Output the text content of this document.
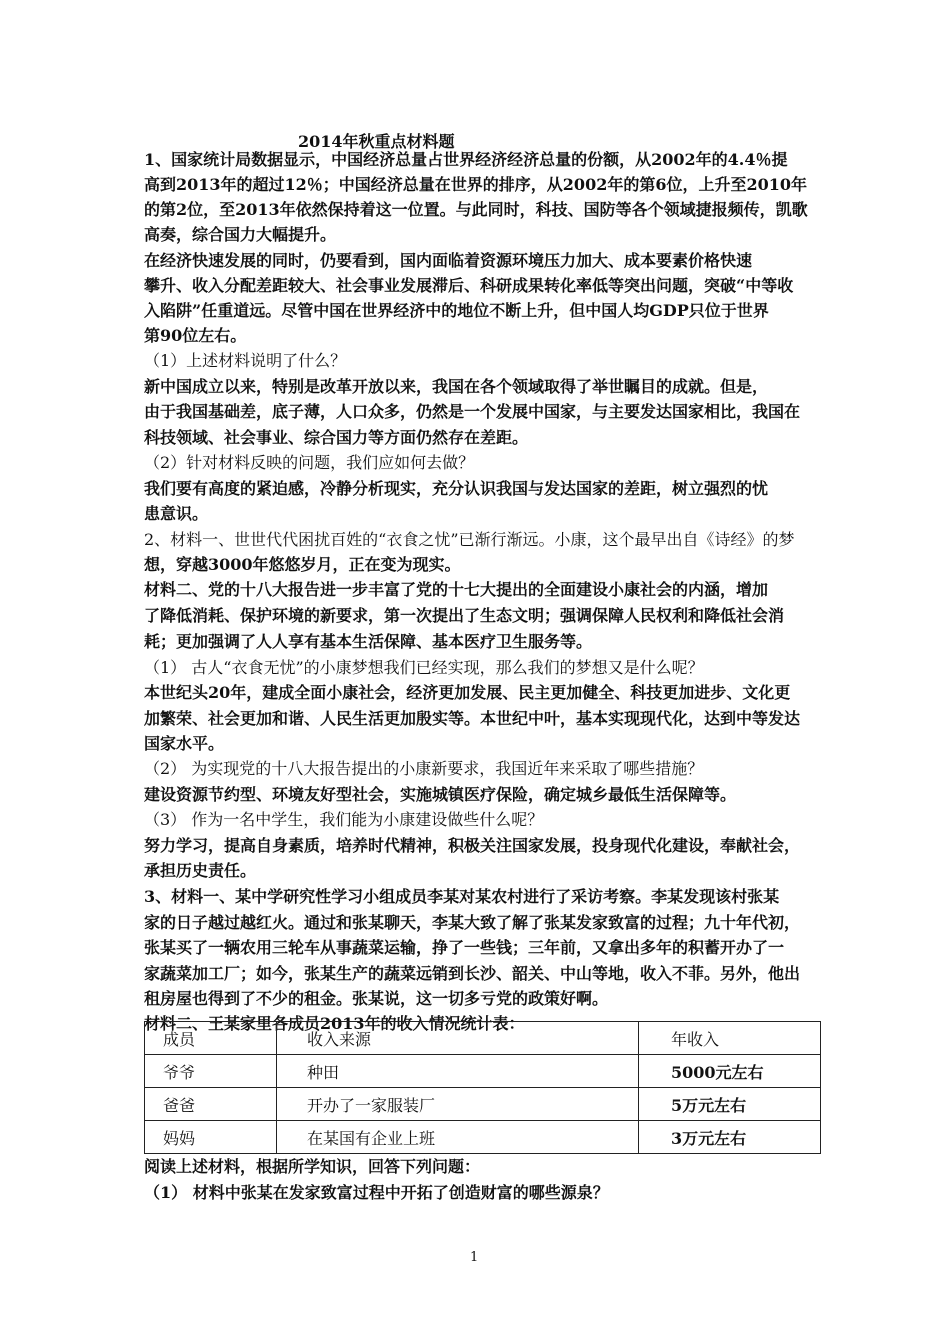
2014年秋重点材料题
1、国家统计局数据显示，中国经济总量占世界经济经济总量的份额，从2002年的4.4％提
高到2013年的超过12％；中国经济总量在世界的排序，从2002年的第6位，上升至2010年
的第2位，至2013年依然保持着这一位置。与此同时，科技、国防等各个领域捷报频传，凯歌
高奏，综合国力大幅提升。
在经济快速发展的同时，仍要看到，国内面临着资源环境压力加大、成本要素价格快速
攀升、收入分配差距较大、社会事业发展滞后、科研成果转化率低等突出问题，突破“中等收
入陷阱”任重道远。尽管中国在世界经济中的地位不断上升，但中国人均GDP只位于世界
第90位左右。
（1）上述材料说明了什么？
新中国成立以来，特别是改革开放以来，我国在各个领域取得了举世瞩目的成就。但是，
由于我国基础差，底子薄，人口众多，仍然是一个发展中国家，与主要发达国家相比，我国在
科技领域、社会事业、综合国力等方面仍然存在差距。
（2）针对材料反映的问题，我们应如何去做？
我们要有高度的紧迫感，冷静分析现实，充分认识我国与发达国家的差距，树立强烈的忧
患意识。
2、材料一、世世代代困扰百姓的“衣食之忧”已渐行渐远。小康，这个最早出自《诗经》的梦
想，穿越3000年悠悠岁月，正在变为现实。
材料二、党的十八大报告进一步丰富了党的十七大提出的全面建设小康社会的内涵，增加
了降低消耗、保护环境的新要求，第一次提出了生态文明；强调保障人民权利和降低社会消
耗；更加强调了人人享有基本生活保障、基本医疗卫生服务等。
（1） 古人“衣食无忧”的小康梦想我们已经实现，那么我们的梦想又是什么呢？
本世纪头20年，建成全面小康社会，经济更加发展、民主更加健全、科技更加进步、文化更
加繁荣、社会更加和谐、人民生活更加殷实等。本世纪中叶，基本实现现代化，达到中等发达
国家水平。
（2） 为实现党的十八大报告提出的小康新要求，我国近年来采取了哪些措施？
建设资源节约型、环境友好型社会，实施城镇医疗保险，确定城乡最低生活保障等。
（3） 作为一名中学生，我们能为小康建设做些什么呢？
努力学习，提高自身素质，培养时代精神，积极关注国家发展，投身现代化建设，奉献社会，
承担历史责任。
3、材料一、某中学研究性学习小组成员李某对某农村进行了采访考察。李某发现该村张某
家的日子越过越红火。通过和张某聊天，李某大致了解了张某发家致富的过程；九十年代初，
张某买了一辆农用三轮车从事蔬菜运输，挣了一些钱；三年前，又拿出多年的积蓄开办了一
家蔬菜加工厂；如今，张某生产的蔬菜远销到长沙、韶关、中山等地，收入不菲。另外，他出
租房屋也得到了不少的租金。张某说，这一切多亏党的政策好啊。
材料二、王某家里各成员2013年的收入情况统计表：
成员	收入来源	年收入
爷爷	种田	5000元左右
爸爸	开办了一家服装厂	5万元左右
妈妈	在某国有企业上班	3万元左右
阅读上述材料，根据所学知识，回答下列问题：
（1） 材料中张某在发家致富过程中开拓了创造财富的哪些源泉？
1
